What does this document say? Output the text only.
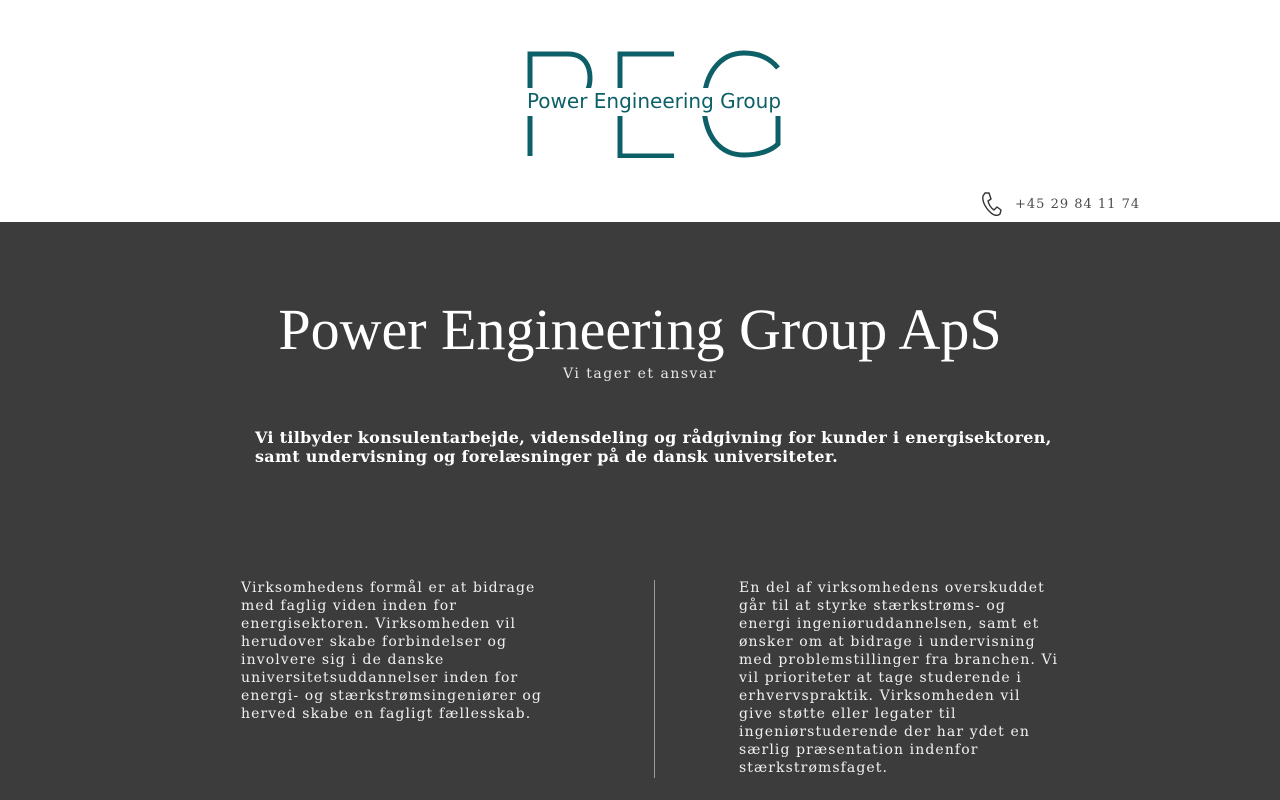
Power Engineering Group
+45 29 84 11 74
Power Engineering Group ApS
Vi tager et ansvar
Vi tilbyder konsulentarbejde, vidensdeling og rådgivning for kunder i energisektoren, samt undervisning og forelæsninger på de dansk universiteter.
Virksomhedens formål er at bidrage med faglig viden inden for energisektoren. Virksomheden vil herudover skabe forbindelser og involvere sig i de danske universitetsuddannelser inden for energi- og stærkstrømsingeniører og herved skabe en fagligt fællesskab.
En del af virksomhedens overskuddet går til at styrke stærkstrøms- og energi ingeniøruddannelsen, samt et ønsker om at bidrage i undervisning med problemstillinger fra branchen. Vi vil prioriteter at tage studerende i erhvervspraktik. Virksomheden vil give støtte eller legater til ingeniørstuderende der har ydet en særlig præsentation indenfor stærkstrømsfaget.
